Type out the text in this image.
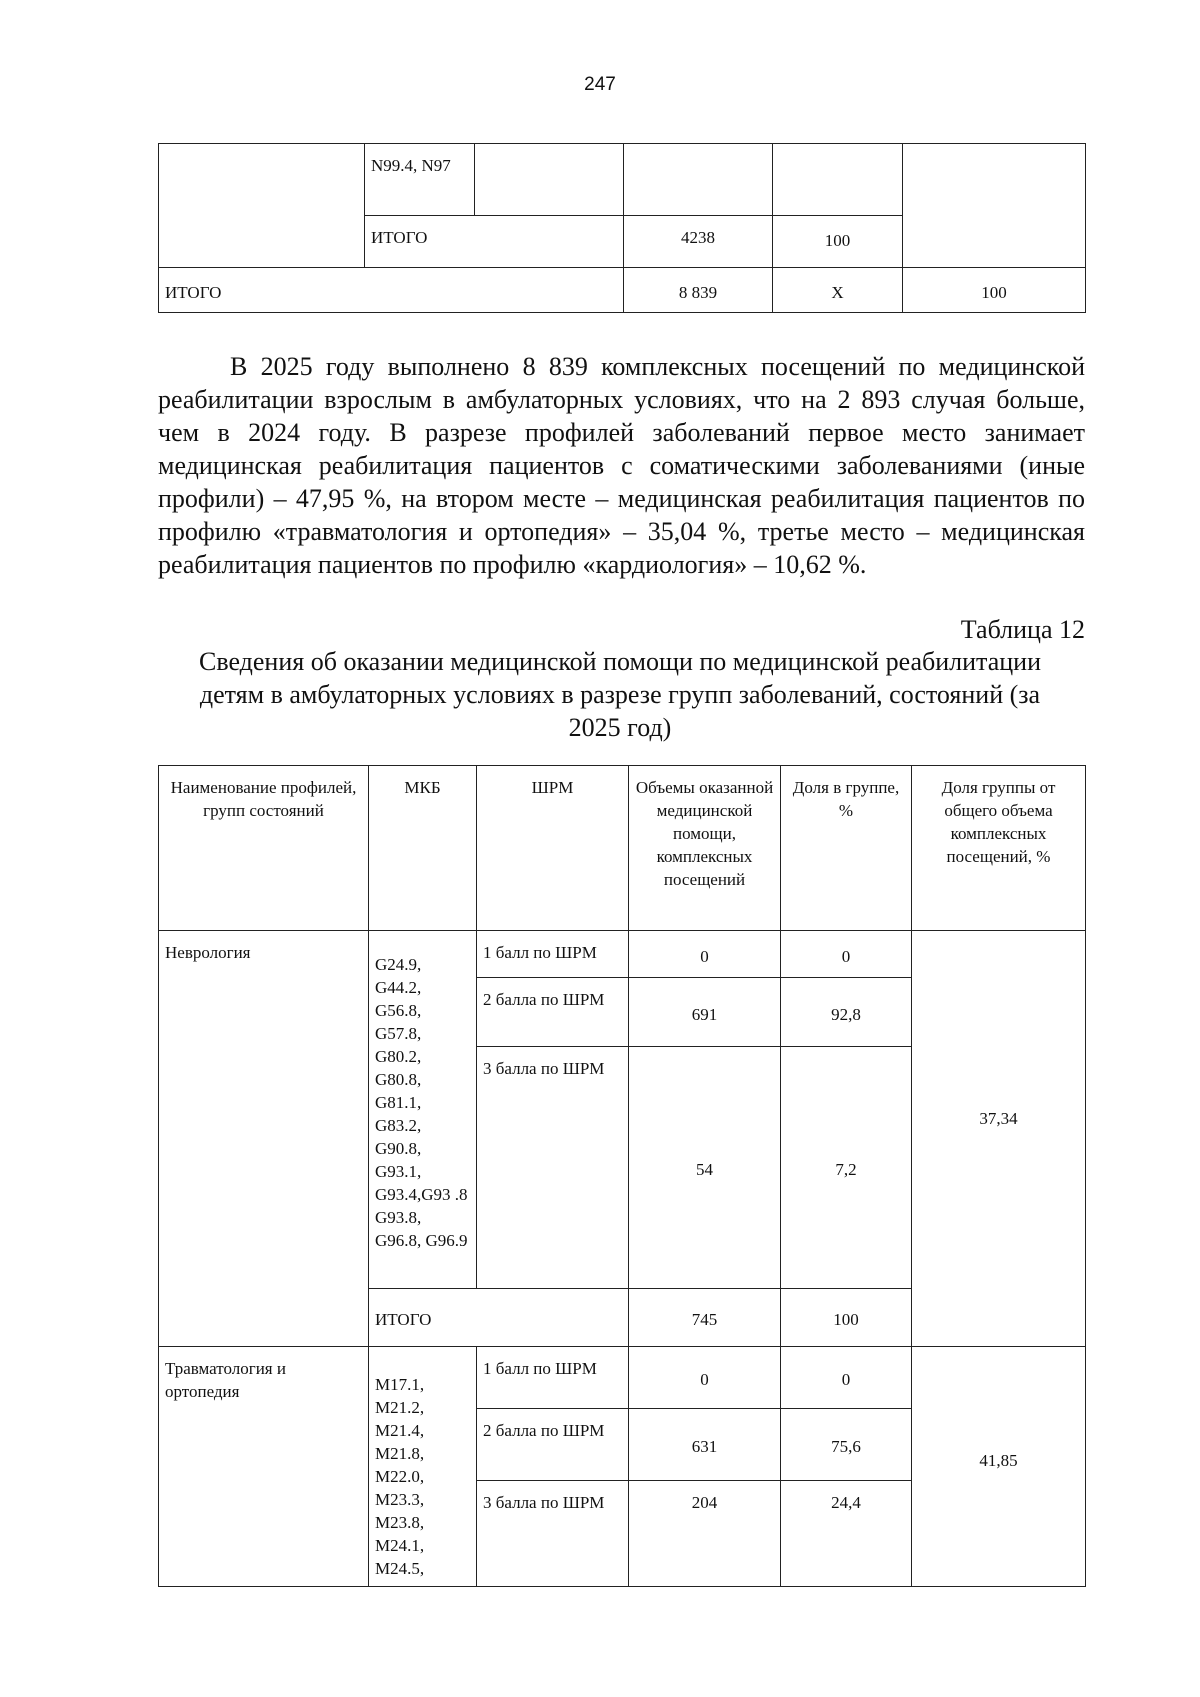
247
	N99.4, N97				
	ИТОГО		4238	100	
ИТОГО			8 839	Х	100

В 2025 году выполнено 8 839 комплексных посещений по медицинской реабилитации взрослым в амбулаторных условиях, что на 2 893 случая больше, чем в 2024 году. В разрезе профилей заболеваний первое место занимает медицинская реабилитация пациентов с соматическими заболеваниями (иные профили) – 47,95 %, на втором месте – медицинская реабилитация пациентов по профилю «травматология и ортопедия» – 35,04 %, третье место – медицинская реабилитация пациентов по профилю «кардиология» – 10,62 %.

Таблица 12
Сведения об оказании медицинской помощи по медицинской реабилитации детям в амбулаторных условиях в разрезе групп заболеваний, состояний (за 2025 год)
Наименование профилей, групп состояний	МКБ	ШРМ	Объемы оказанной медицинской помощи, комплексных посещений	Доля в группе, %	Доля группы от общего объема комплексных посещений, %
Неврология	G24.9, G44.2, G56.8, G57.8, G80.2, G80.8, G81.1, G83.2, G90.8, G93.1, G93.4,G93 .8 G93.8, G96.8, G96.9	1 балл по ШРМ	0	0	37,34
		2 балла по ШРМ	691	92,8	
		3 балла по ШРМ	54	7,2	
	ИТОГО		745	100	
Травматология и ортопедия	M17.1, M21.2, M21.4, M21.8, M22.0, M23.3, M23.8, M24.1, M24.5,	1 балл по ШРМ	0	0	41,85
		2 балла по ШРМ	631	75,6	
		3 балла по ШРМ	204	24,4	
